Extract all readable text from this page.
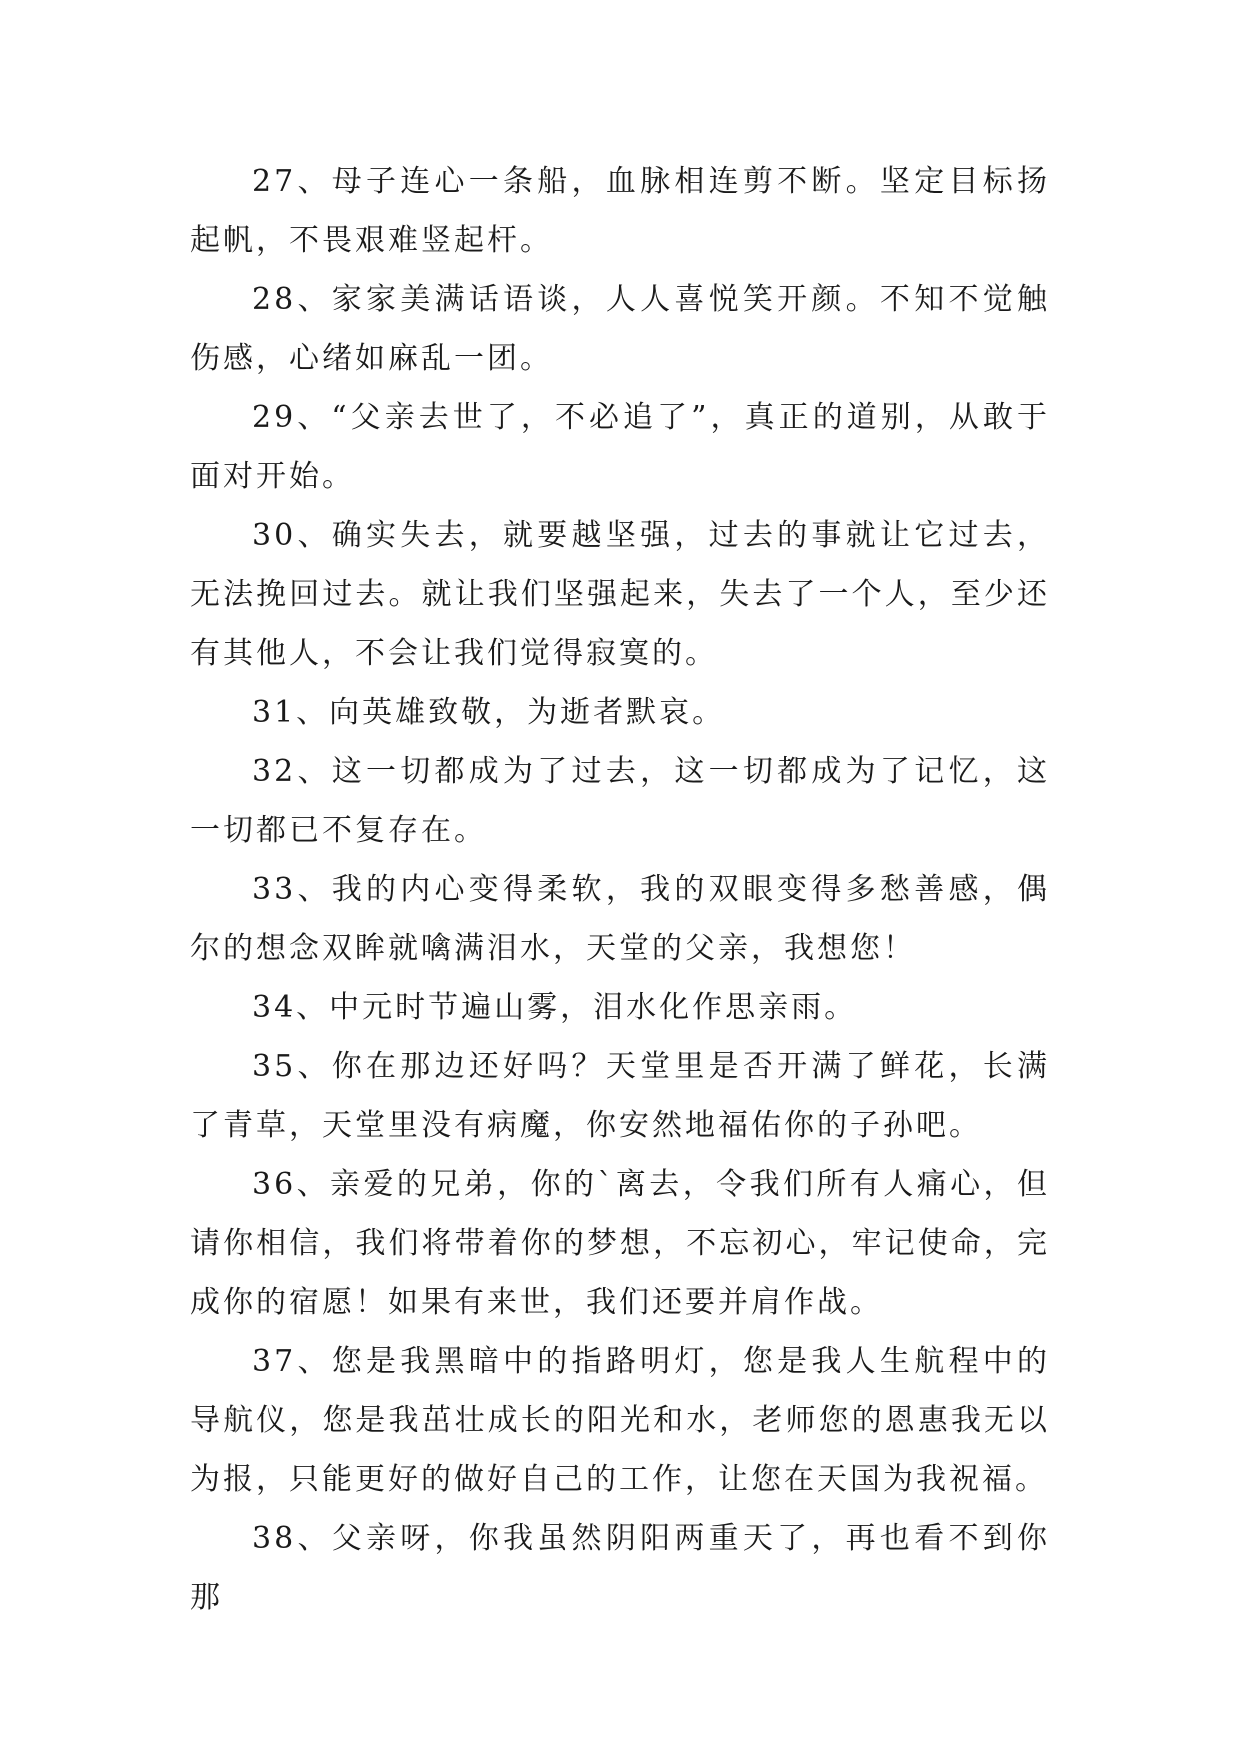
27、母子连心一条船，血脉相连剪不断。坚定目标扬起帆，不畏艰难竖起杆。

28、家家美满话语谈，人人喜悦笑开颜。不知不觉触伤感，心绪如麻乱一团。

29、“父亲去世了，不必追了”，真正的道别，从敢于面对开始。

30、确实失去，就要越坚强，过去的事就让它过去，无法挽回过去。就让我们坚强起来，失去了一个人，至少还有其他人，不会让我们觉得寂寞的。

31、向英雄致敬，为逝者默哀。

32、这一切都成为了过去，这一切都成为了记忆，这一切都已不复存在。

33、我的内心变得柔软，我的双眼变得多愁善感，偶尔的想念双眸就噙满泪水，天堂的父亲，我想您！

34、中元时节遍山雾，泪水化作思亲雨。

35、你在那边还好吗？天堂里是否开满了鲜花，长满了青草，天堂里没有病魔，你安然地福佑你的子孙吧。

36、亲爱的兄弟，你的`离去，令我们所有人痛心，但请你相信，我们将带着你的梦想，不忘初心，牢记使命，完成你的宿愿！如果有来世，我们还要并肩作战。

37、您是我黑暗中的指路明灯，您是我人生航程中的导航仪，您是我茁壮成长的阳光和水，老师您的恩惠我无以为报，只能更好的做好自己的工作，让您在天国为我祝福。

38、父亲呀，你我虽然阴阳两重天了，再也看不到你那
